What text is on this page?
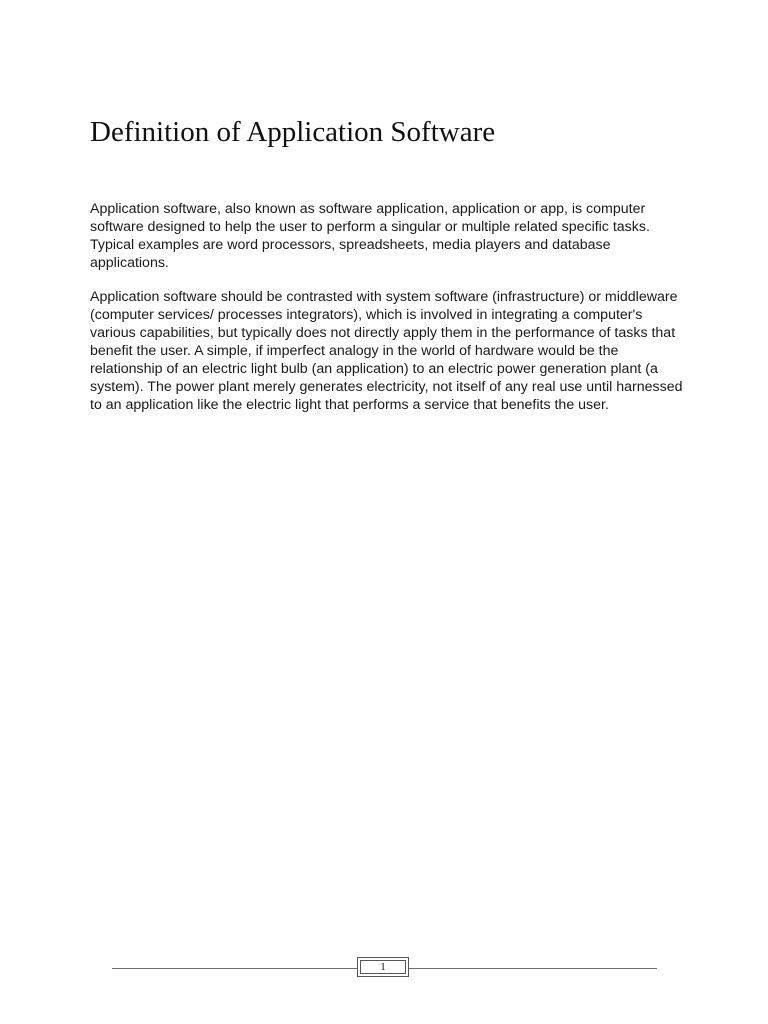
Definition of Application Software

Application software, also known as software application, application or app, is computer software designed to help the user to perform a singular or multiple related specific tasks. Typical examples are word processors, spreadsheets, media players and database applications.

Application software should be contrasted with system software (infrastructure) or middleware (computer services/ processes integrators), which is involved in integrating a computer's various capabilities, but typically does not directly apply them in the performance of tasks that benefit the user. A simple, if imperfect analogy in the world of hardware would be the relationship of an electric light bulb (an application) to an electric power generation plant (a system). The power plant merely generates electricity, not itself of any real use until harnessed to an application like the electric light that performs a service that benefits the user.

1
